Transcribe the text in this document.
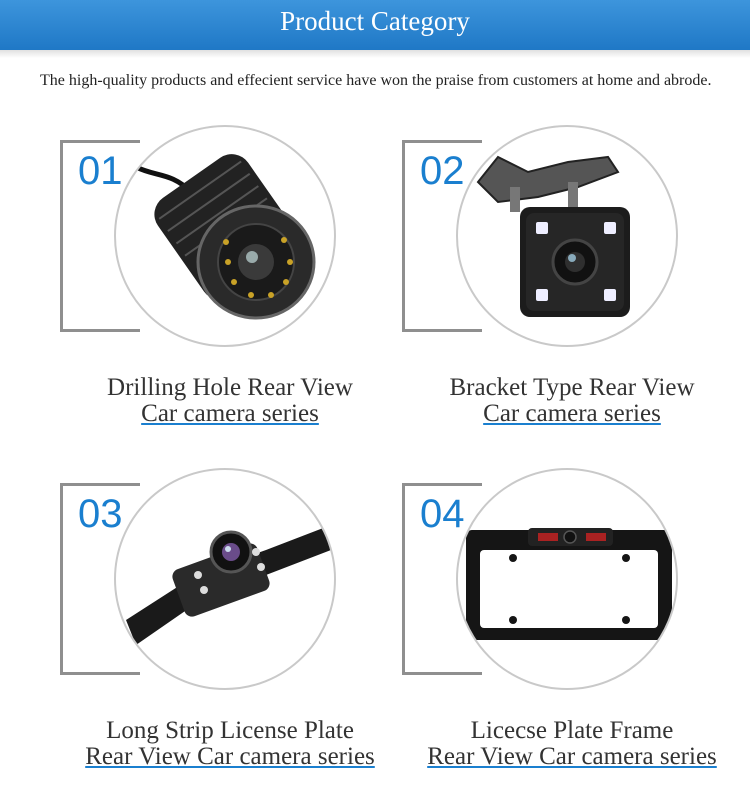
Product Category
The high-quality products and effecient service have won the praise from customers at home and abrode.
01
Drilling Hole Rear View
Car camera series
02
Bracket Type Rear View
Car camera series
03
Long Strip License Plate
Rear View Car camera series
04
Licecse Plate Frame
Rear View Car camera series
